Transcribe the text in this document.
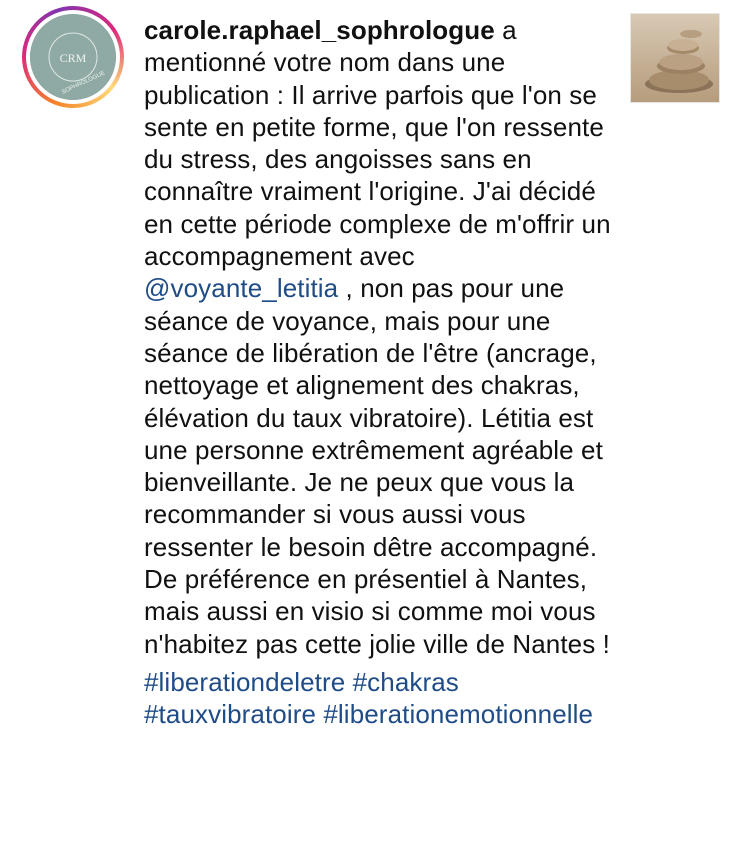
CRM
SOPHROLOGUE
carole.raphael_sophrologue a mentionné votre nom dans une publication : Il arrive parfois que l'on se sente en petite forme, que l'on ressente du stress, des angoisses sans en connaître vraiment l'origine. J'ai décidé en cette période complexe de m'offrir un accompagnement avec @voyante_letitia , non pas pour une séance de voyance, mais pour une séance de libération de l'être (ancrage, nettoyage et alignement des chakras, élévation du taux vibratoire). Létitia est une personne extrêmement agréable et bienveillante. Je ne peux que vous la recommander si vous aussi vous ressenter le besoin dêtre accompagné. De préférence en présentiel à Nantes, mais aussi en visio si comme moi vous n'habitez pas cette jolie ville de Nantes !
#liberationdeletre #chakras #tauxvibratoire #liberationemotionnelle
